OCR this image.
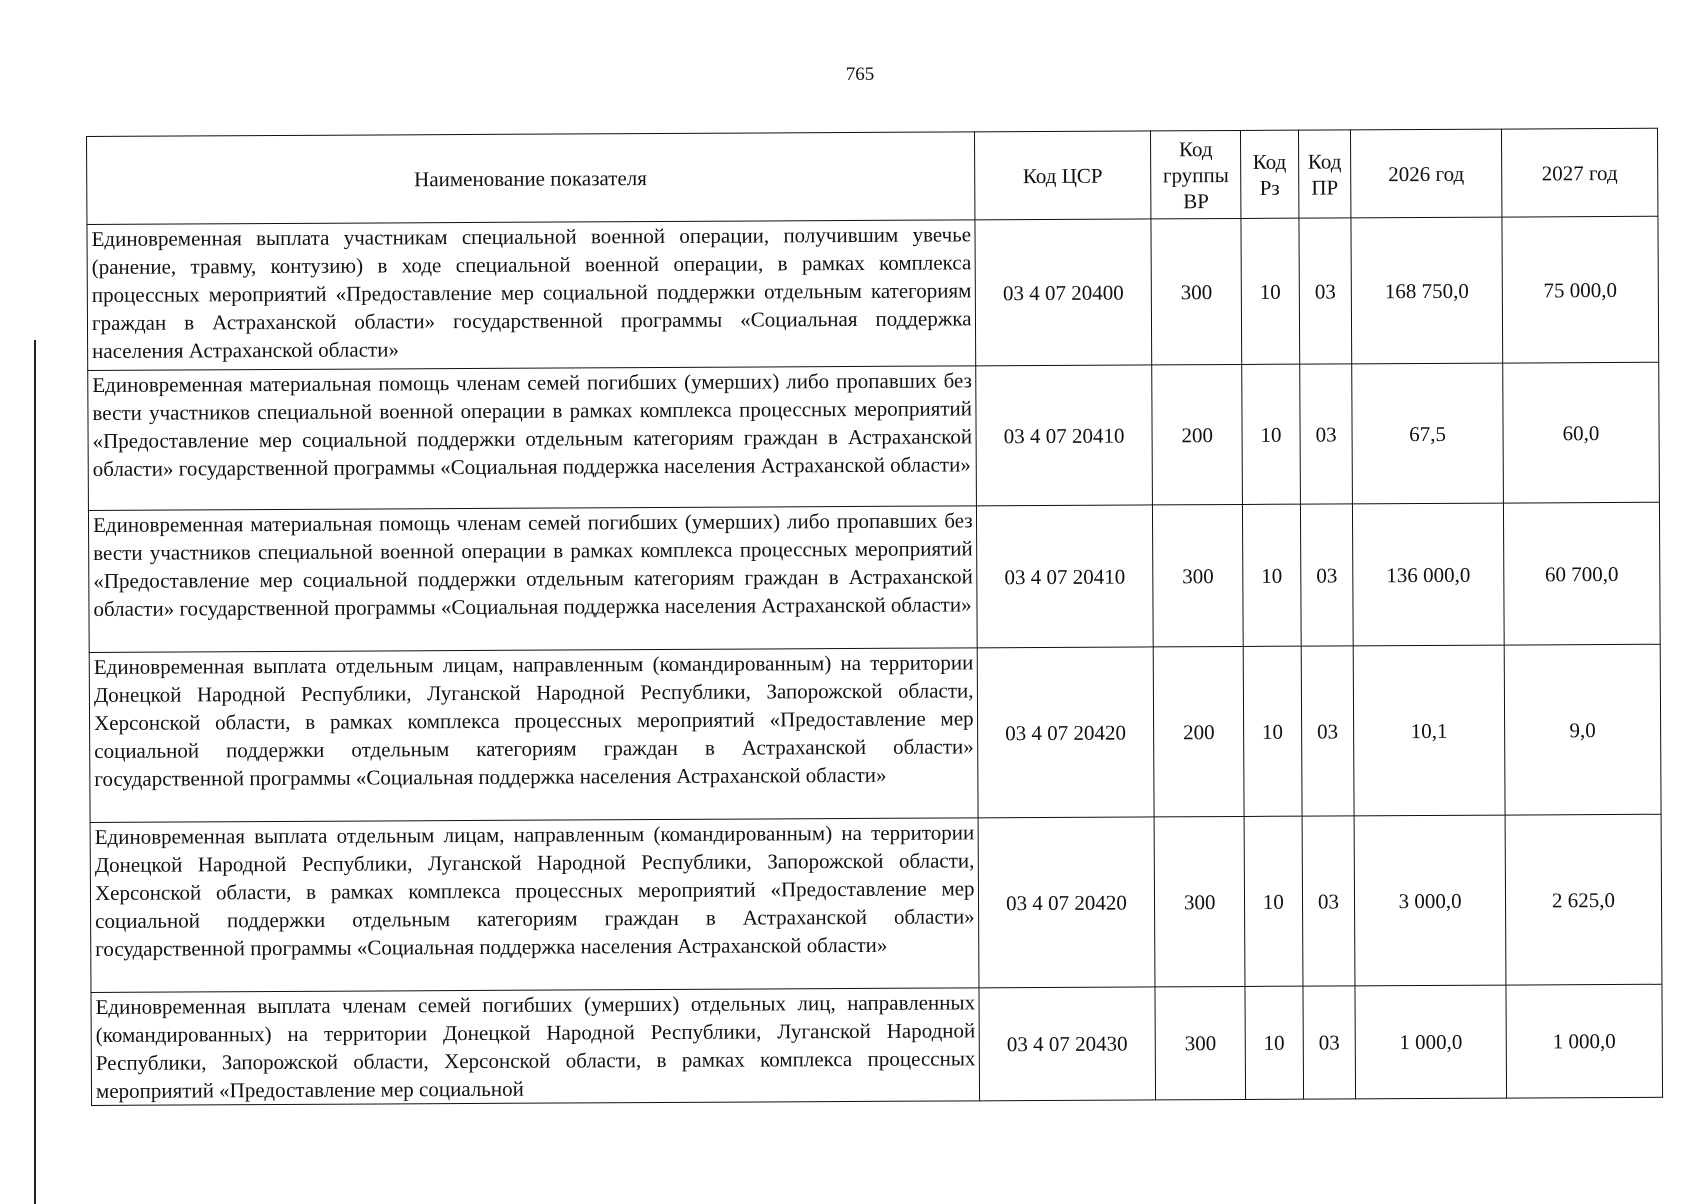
765
Наименование показателя	Код ЦСР	Код группы ВР	Код Рз	Код ПР	2026 год	2027 год
Единовременная выплата участникам специальной военной операции, получившим увечье (ранение, травму, контузию) в ходе специальной военной операции, в рамках комплекса процессных мероприятий «Предоставление мер социальной поддержки отдельным категориям граждан в Астраханской области» государственной программы «Социальная поддержка населения Астраханской области»	03 4 07 20400	300	10	03	168 750,0	75 000,0
Единовременная материальная помощь членам семей погибших (умерших) либо пропавших без вести участников специальной военной операции в рамках комплекса процессных мероприятий «Предоставление мер социальной поддержки отдельным категориям граждан в Астраханской области» государственной программы «Социальная поддержка населения Астраханской области»	03 4 07 20410	200	10	03	67,5	60,0
Единовременная материальная помощь членам семей погибших (умерших) либо пропавших без вести участников специальной военной операции в рамках комплекса процессных мероприятий «Предоставление мер социальной поддержки отдельным категориям граждан в Астраханской области» государственной программы «Социальная поддержка населения Астраханской области»	03 4 07 20410	300	10	03	136 000,0	60 700,0
Единовременная выплата отдельным лицам, направленным (командированным) на территории Донецкой Народной Республики, Луганской Народной Республики, Запорожской области, Херсонской области, в рамках комплекса процессных мероприятий «Предоставление мер социальной поддержки отдельным категориям граждан в Астраханской области» государственной программы «Социальная поддержка населения Астраханской области»	03 4 07 20420	200	10	03	10,1	9,0
Единовременная выплата отдельным лицам, направленным (командированным) на территории Донецкой Народной Республики, Луганской Народной Республики, Запорожской области, Херсонской области, в рамках комплекса процессных мероприятий «Предоставление мер социальной поддержки отдельным категориям граждан в Астраханской области» государственной программы «Социальная поддержка населения Астраханской области»	03 4 07 20420	300	10	03	3 000,0	2 625,0
Единовременная выплата членам семей погибших (умерших) отдельных лиц, направленных (командированных) на территории Донецкой Народной Республики, Луганской Народной Республики, Запорожской области, Херсонской области, в рамках комплекса процессных мероприятий «Предоставление мер социальной	03 4 07 20430	300	10	03	1 000,0	1 000,0
